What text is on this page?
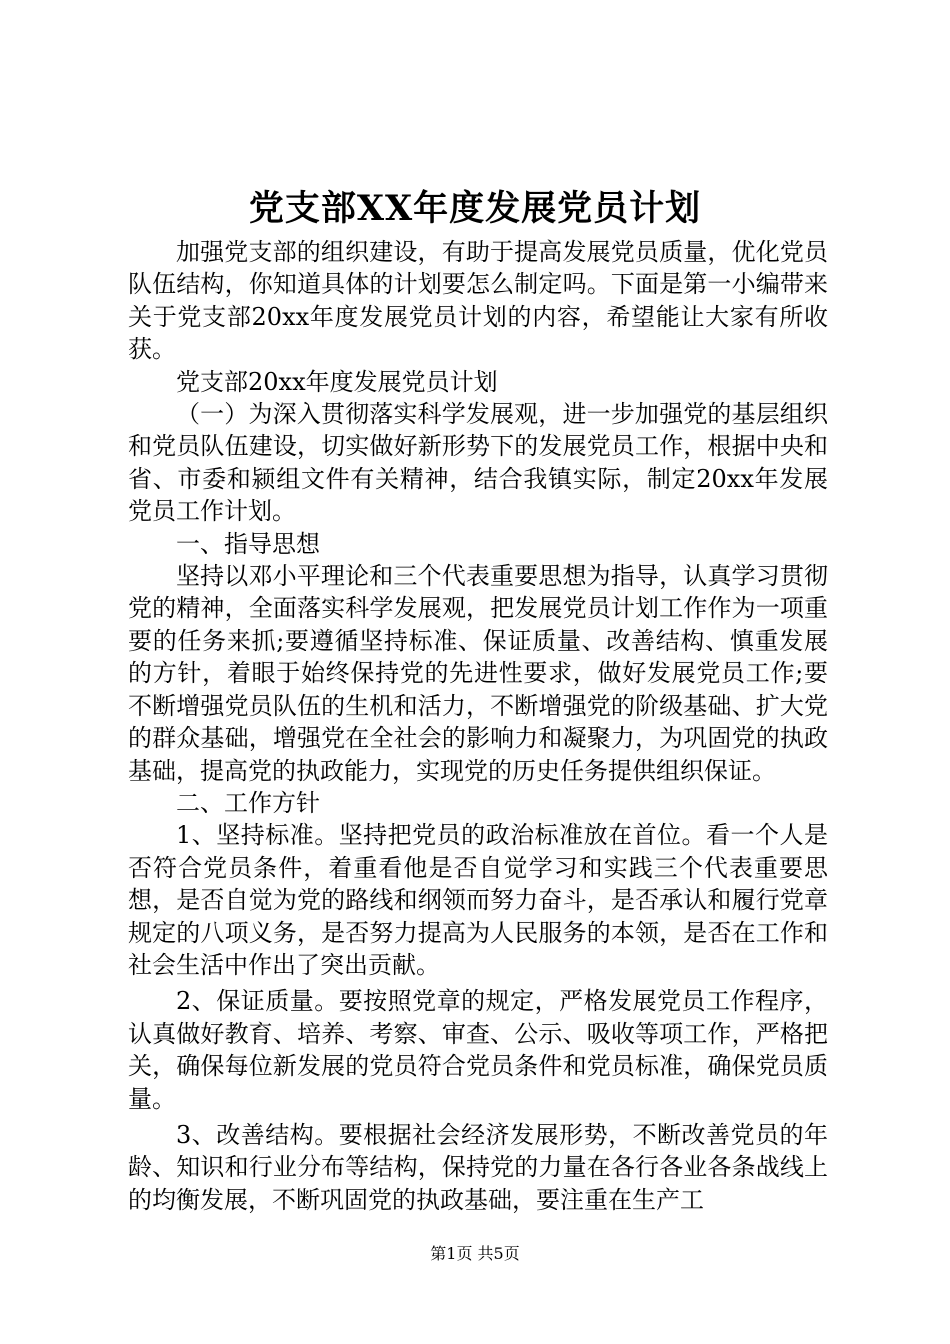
党支部XX年度发展党员计划

加强党支部的组织建设，有助于提高发展党员质量，优化党员队伍结构，你知道具体的计划要怎么制定吗。下面是第一小编带来关于党支部20xx年度发展党员计划的内容，希望能让大家有所收获。

党支部20xx年度发展党员计划

（一）为深入贯彻落实科学发展观，进一步加强党的基层组织和党员队伍建设，切实做好新形势下的发展党员工作，根据中央和省、市委和颍组文件有关精神，结合我镇实际，制定20xx年发展党员工作计划。

一、指导思想

坚持以邓小平理论和三个代表重要思想为指导，认真学习贯彻党的精神，全面落实科学发展观，把发展党员计划工作作为一项重要的任务来抓;要遵循坚持标准、保证质量、改善结构、慎重发展的方针，着眼于始终保持党的先进性要求，做好发展党员工作;要不断增强党员队伍的生机和活力，不断增强党的阶级基础、扩大党的群众基础，增强党在全社会的影响力和凝聚力，为巩固党的执政基础，提高党的执政能力，实现党的历史任务提供组织保证。

二、工作方针

1、坚持标准。坚持把党员的政治标准放在首位。看一个人是否符合党员条件，着重看他是否自觉学习和实践三个代表重要思想，是否自觉为党的路线和纲领而努力奋斗，是否承认和履行党章规定的八项义务，是否努力提高为人民服务的本领，是否在工作和社会生活中作出了突出贡献。

2、保证质量。要按照党章的规定，严格发展党员工作程序，认真做好教育、培养、考察、审查、公示、吸收等项工作，严格把关，确保每位新发展的党员符合党员条件和党员标准，确保党员质量。

3、改善结构。要根据社会经济发展形势，不断改善党员的年龄、知识和行业分布等结构，保持党的力量在各行各业各条战线上的均衡发展，不断巩固党的执政基础，要注重在生产工

第1页 共5页
